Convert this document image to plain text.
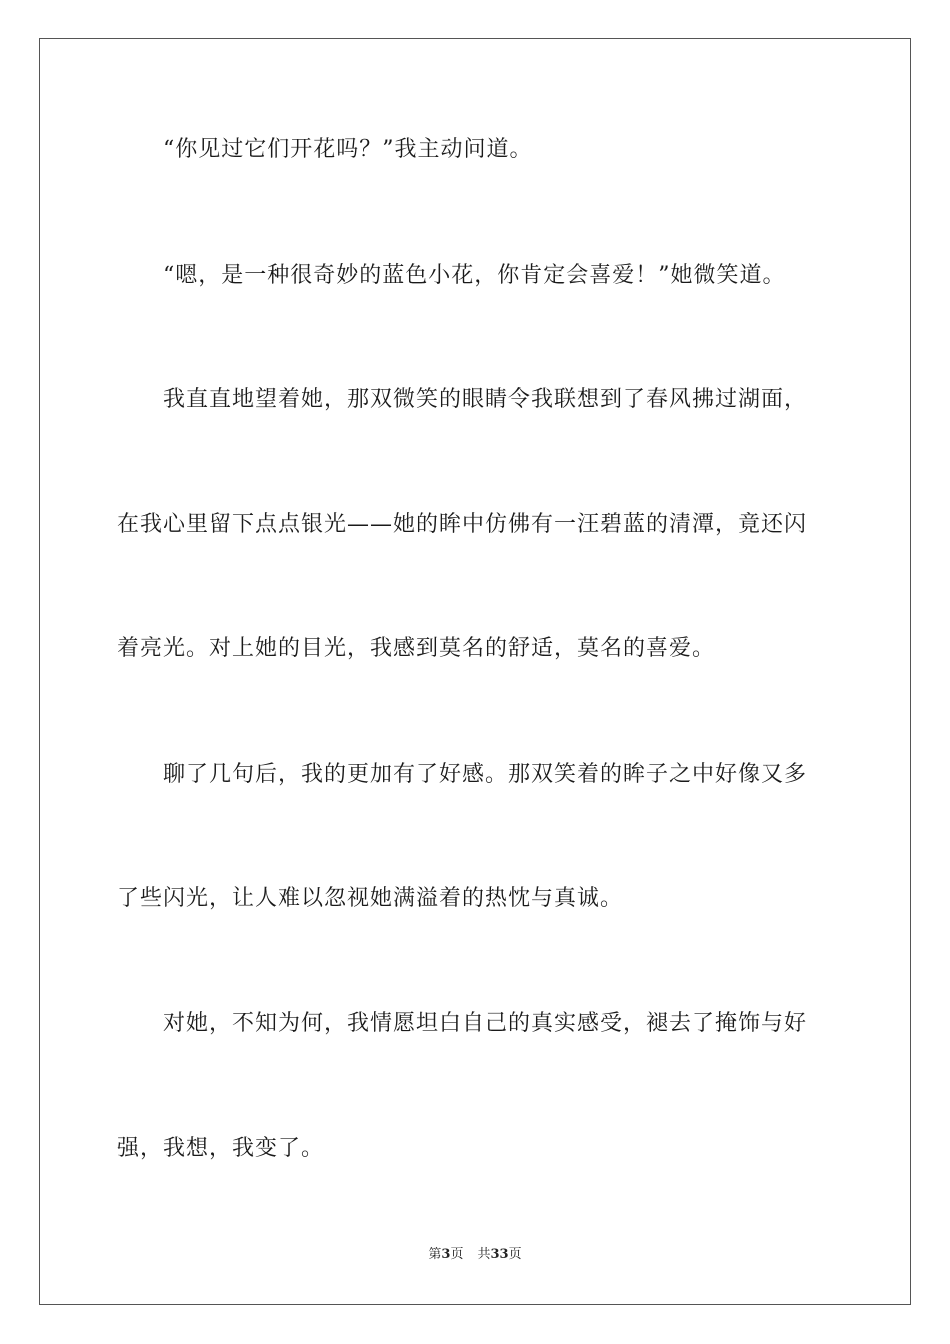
“你见过它们开花吗？”我主动问道。
“嗯，是一种很奇妙的蓝色小花，你肯定会喜爱！”她微笑道。
我直直地望着她，那双微笑的眼睛令我联想到了春风拂过湖面，
在我心里留下点点银光——她的眸中仿佛有一汪碧蓝的清潭，竟还闪
着亮光。对上她的目光，我感到莫名的舒适，莫名的喜爱。
聊了几句后，我的更加有了好感。那双笑着的眸子之中好像又多
了些闪光，让人难以忽视她满溢着的热忱与真诚。
对她，不知为何，我情愿坦白自己的真实感受，褪去了掩饰与好
强，我想，我变了。
第3页 共33页
